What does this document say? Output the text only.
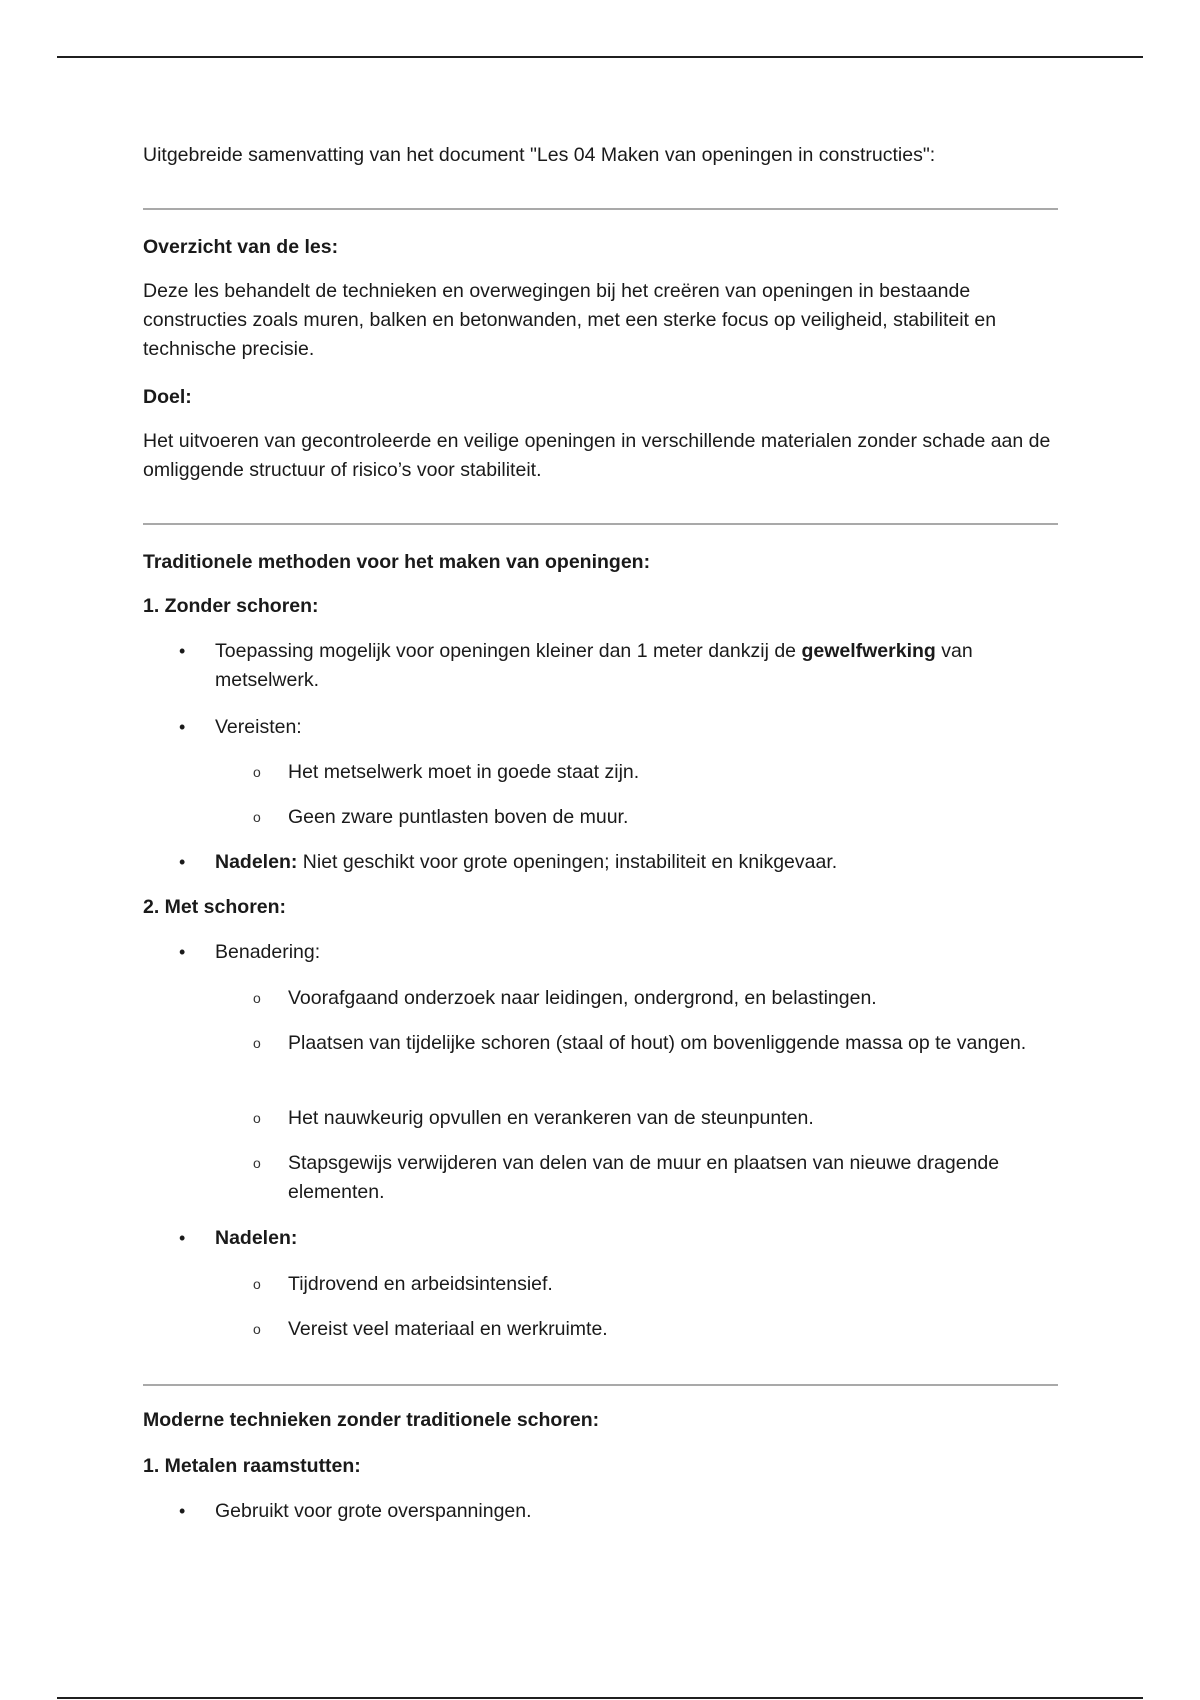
Uitgebreide samenvatting van het document "Les 04 Maken van openingen in constructies":

Overzicht van de les:

Deze les behandelt de technieken en overwegingen bij het creëren van openingen in bestaande constructies zoals muren, balken en betonwanden, met een sterke focus op veiligheid, stabiliteit en technische precisie.

Doel:

Het uitvoeren van gecontroleerde en veilige openingen in verschillende materialen zonder schade aan de omliggende structuur of risico’s voor stabiliteit.

Traditionele methoden voor het maken van openingen:

1. Zonder schoren:

• Toepassing mogelijk voor openingen kleiner dan 1 meter dankzij de gewelfwerking van metselwerk.

• Vereisten:

o Het metselwerk moet in goede staat zijn.

o Geen zware puntlasten boven de muur.

• Nadelen: Niet geschikt voor grote openingen; instabiliteit en knikgevaar.

2. Met schoren:

• Benadering:

o Voorafgaand onderzoek naar leidingen, ondergrond, en belastingen.

o Plaatsen van tijdelijke schoren (staal of hout) om bovenliggende massa op te vangen.

o Het nauwkeurig opvullen en verankeren van de steunpunten.

o Stapsgewijs verwijderen van delen van de muur en plaatsen van nieuwe dragende elementen.

• Nadelen:

o Tijdrovend en arbeidsintensief.

o Vereist veel materiaal en werkruimte.

Moderne technieken zonder traditionele schoren:

1. Metalen raamstutten:

• Gebruikt voor grote overspanningen.
